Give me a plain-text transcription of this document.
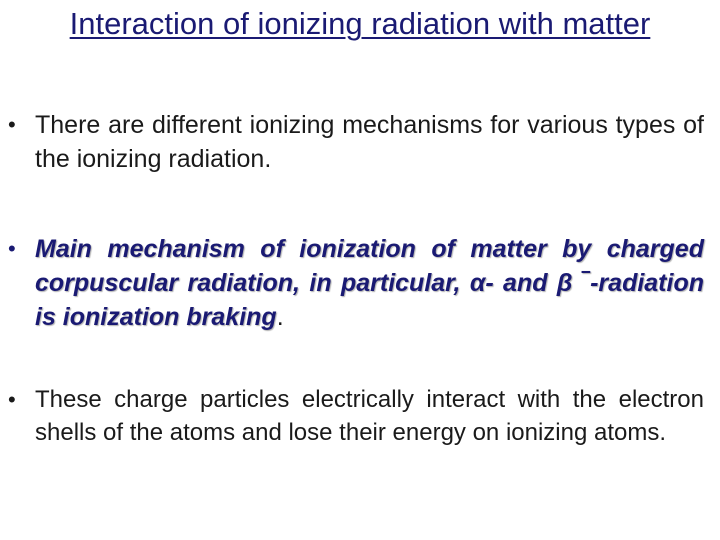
Interaction of ionizing radiation with matter
• There are different ionizing mechanisms for various types of the ionizing radiation.
• Main mechanism of ionization of matter by charged corpuscular radiation, in particular, α- and β ‾-radiation is ionization braking.
• These charge particles electrically interact with the electron shells of the atoms and lose their energy on ionizing atoms.
